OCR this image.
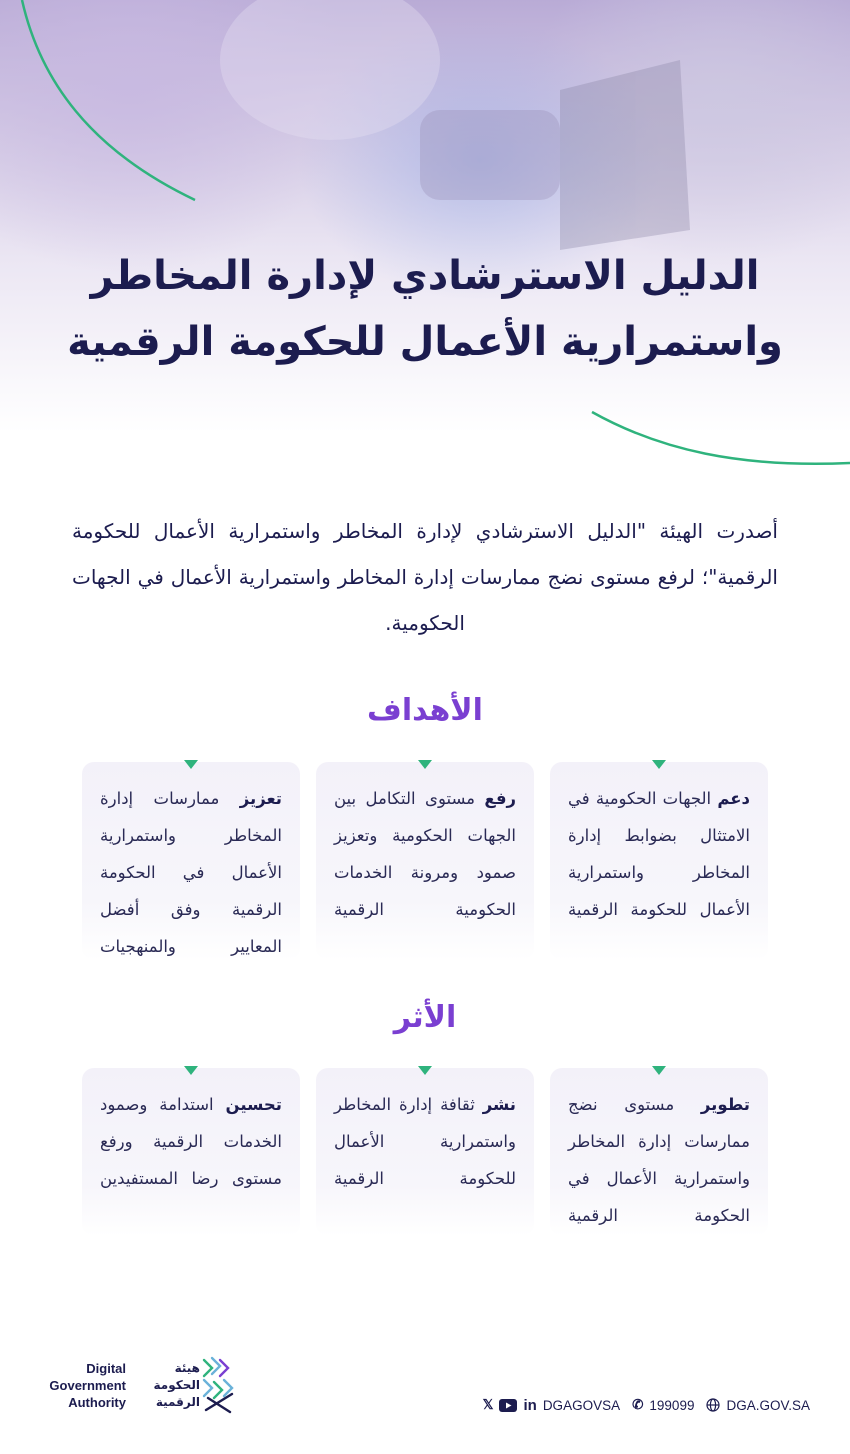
الدليل الاسترشادي لإدارة المخاطر
واستمرارية الأعمال للحكومة الرقمية

أصدرت الهيئة "الدليل الاسترشادي لإدارة المخاطر واستمرارية الأعمال للحكومة الرقمية"؛ لرفع مستوى نضج ممارسات إدارة المخاطر واستمرارية الأعمال في الجهات الحكومية.

الأهداف
دعم الجهات الحكومية في الامتثال بضوابط إدارة المخاطر واستمرارية الأعمال للحكومة الرقمية
رفع مستوى التكامل بين الجهات الحكومية وتعزيز صمود ومرونة الخدمات الحكومية الرقمية
تعزيز ممارسات إدارة المخاطر واستمرارية الأعمال في الحكومة الرقمية وفق أفضل المعايير والمنهجيات
الأثر
تطوير مستوى نضج ممارسات إدارة المخاطر واستمرارية الأعمال في الحكومة الرقمية
نشر ثقافة إدارة المخاطر واستمرارية الأعمال للحكومة الرقمية
تحسين استدامة وصمود الخدمات الرقمية ورفع مستوى رضا المستفيدين
Digital
Government
Authority
هيئة
الحكومة
الرقمية	𝕏 in DGAGOVSA ✆ 199099 DGA.GOV.SA
